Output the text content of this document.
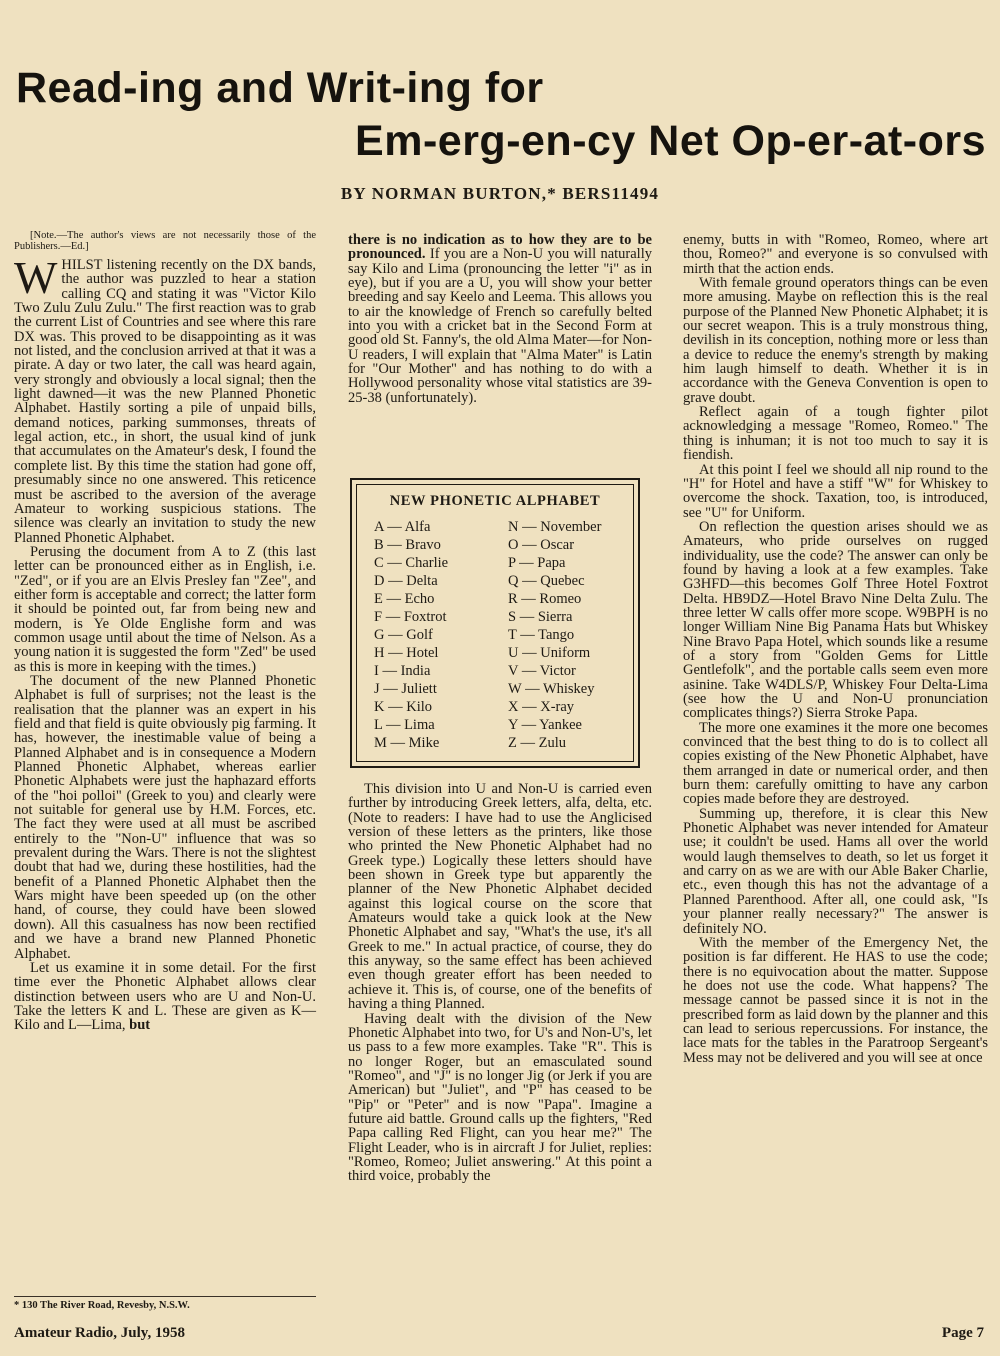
Read-ing and Writ-ing for
Em-erg-en-cy Net Op-er-at-ors
BY NORMAN BURTON,* BERS11494

[Note.—The author's views are not necessarily those of the Publishers.—Ed.]

WHILST listening recently on the DX bands, the author was puzzled to hear a station calling CQ and stating it was "Victor Kilo Two Zulu Zulu Zulu." The first reaction was to grab the current List of Countries and see where this rare DX was. This proved to be disappointing as it was not listed, and the conclusion arrived at that it was a pirate. A day or two later, the call was heard again, very strongly and obviously a local signal; then the light dawned—it was the new Planned Phonetic Alphabet. Hastily sorting a pile of unpaid bills, demand notices, parking summonses, threats of legal action, etc., in short, the usual kind of junk that accumulates on the Amateur's desk, I found the complete list. By this time the station had gone off, presumably since no one answered. This reticence must be ascribed to the aversion of the average Amateur to working suspicious stations. The silence was clearly an invitation to study the new Planned Phonetic Alphabet.

Perusing the document from A to Z (this last letter can be pronounced either as in English, i.e. "Zed", or if you are an Elvis Presley fan "Zee", and either form is acceptable and correct; the latter form it should be pointed out, far from being new and modern, is Ye Olde Englishe form and was common usage until about the time of Nelson. As a young nation it is suggested the form "Zed" be used as this is more in keeping with the times.)

The document of the new Planned Phonetic Alphabet is full of surprises; not the least is the realisation that the planner was an expert in his field and that field is quite obviously pig farming. It has, however, the inestimable value of being a Planned Alphabet and is in consequence a Modern Planned Phonetic Alphabet, whereas earlier Phonetic Alphabets were just the haphazard efforts of the "hoi polloi" (Greek to you) and clearly were not suitable for general use by H.M. Forces, etc. The fact they were used at all must be ascribed entirely to the "Non-U" influence that was so prevalent during the Wars. There is not the slightest doubt that had we, during these hostilities, had the benefit of a Planned Phonetic Alphabet then the Wars might have been speeded up (on the other hand, of course, they could have been slowed down). All this casualness has now been rectified and we have a brand new Planned Phonetic Alphabet.

Let us examine it in some detail. For the first time ever the Phonetic Alphabet allows clear distinction between users who are U and Non-U. Take the letters K and L. These are given as K—Kilo and L—Lima, but

* 130 The River Road, Revesby, N.S.W.

there is no indication as to how they are to be pronounced. If you are a Non-U you will naturally say Kilo and Lima (pronouncing the letter "i" as in eye), but if you are a U, you will show your better breeding and say Keelo and Leema. This allows you to air the knowledge of French so carefully belted into you with a cricket bat in the Second Form at good old St. Fanny's, the old Alma Mater—for Non-U readers, I will explain that "Alma Mater" is Latin for "Our Mother" and has nothing to do with a Hollywood personality whose vital statistics are 39-25-38 (unfortunately).

NEW PHONETIC ALPHABET
A — Alfa
B — Bravo
C — Charlie
D — Delta
E — Echo
F — Foxtrot
G — Golf
H — Hotel
I — India
J — Juliett
K — Kilo
L — Lima
M — Mike
N — November
O — Oscar
P — Papa
Q — Quebec
R — Romeo
S — Sierra
T — Tango
U — Uniform
V — Victor
W — Whiskey
X — X-ray
Y — Yankee
Z — Zulu

This division into U and Non-U is carried even further by introducing Greek letters, alfa, delta, etc. (Note to readers: I have had to use the Anglicised version of these letters as the printers, like those who printed the New Phonetic Alphabet had no Greek type.) Logically these letters should have been shown in Greek type but apparently the planner of the New Phonetic Alphabet decided against this logical course on the score that Amateurs would take a quick look at the New Phonetic Alphabet and say, "What's the use, it's all Greek to me." In actual practice, of course, they do this anyway, so the same effect has been achieved even though greater effort has been needed to achieve it. This is, of course, one of the benefits of having a thing Planned.

Having dealt with the division of the New Phonetic Alphabet into two, for U's and Non-U's, let us pass to a few more examples. Take "R". This is no longer Roger, but an emasculated sound "Romeo", and "J" is no longer Jig (or Jerk if you are American) but "Juliet", and "P" has ceased to be "Pip" or "Peter" and is now "Papa". Imagine a future aid battle. Ground calls up the fighters, "Red Papa calling Red Flight, can you hear me?" The Flight Leader, who is in aircraft J for Juliet, replies: "Romeo, Romeo; Juliet answering." At this point a third voice, probably the

enemy, butts in with "Romeo, Romeo, where art thou, Romeo?" and everyone is so convulsed with mirth that the action ends.

With female ground operators things can be even more amusing. Maybe on reflection this is the real purpose of the Planned New Phonetic Alphabet; it is our secret weapon. This is a truly monstrous thing, devilish in its conception, nothing more or less than a device to reduce the enemy's strength by making him laugh himself to death. Whether it is in accordance with the Geneva Convention is open to grave doubt.

Reflect again of a tough fighter pilot acknowledging a message "Romeo, Romeo." The thing is inhuman; it is not too much to say it is fiendish.

At this point I feel we should all nip round to the "H" for Hotel and have a stiff "W" for Whiskey to overcome the shock. Taxation, too, is introduced, see "U" for Uniform.

On reflection the question arises should we as Amateurs, who pride ourselves on rugged individuality, use the code? The answer can only be found by having a look at a few examples. Take G3HFD—this becomes Golf Three Hotel Foxtrot Delta. HB9DZ—Hotel Bravo Nine Delta Zulu. The three letter W calls offer more scope. W9BPH is no longer William Nine Big Panama Hats but Whiskey Nine Bravo Papa Hotel, which sounds like a resume of a story from "Golden Gems for Little Gentlefolk", and the portable calls seem even more asinine. Take W4DLS/P, Whiskey Four Delta-Lima (see how the U and Non-U pronunciation complicates things?) Sierra Stroke Papa.

The more one examines it the more one becomes convinced that the best thing to do is to collect all copies existing of the New Phonetic Alphabet, have them arranged in date or numerical order, and then burn them: carefully omitting to have any carbon copies made before they are destroyed.

Summing up, therefore, it is clear this New Phonetic Alphabet was never intended for Amateur use; it couldn't be used. Hams all over the world would laugh themselves to death, so let us forget it and carry on as we are with our Able Baker Charlie, etc., even though this has not the advantage of a Planned Parenthood. After all, one could ask, "Is your planner really necessary?" The answer is definitely NO.

With the member of the Emergency Net, the position is far different. He HAS to use the code; there is no equivocation about the matter. Suppose he does not use the code. What happens? The message cannot be passed since it is not in the prescribed form as laid down by the planner and this can lead to serious repercussions. For instance, the lace mats for the tables in the Paratroop Sergeant's Mess may not be delivered and you will see at once

Amateur Radio, July, 1958	Page 7
